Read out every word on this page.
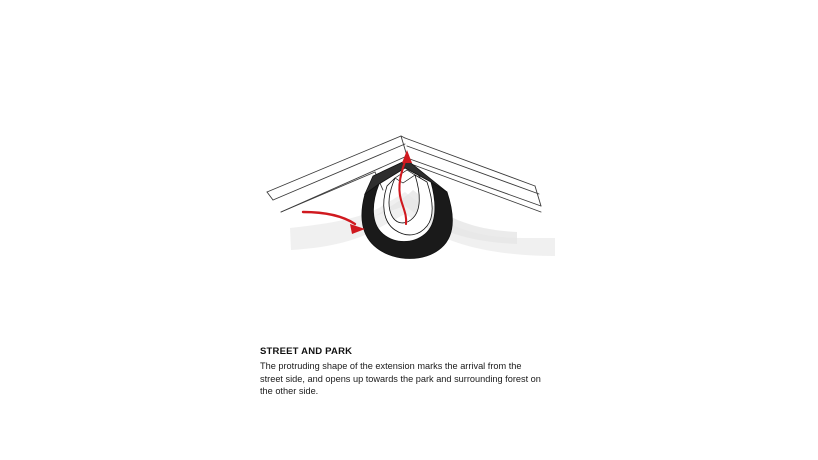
STREET AND PARK

The protruding shape of the extension marks the arrival from the street side, and opens up towards the park and surrounding forest on the other side.
